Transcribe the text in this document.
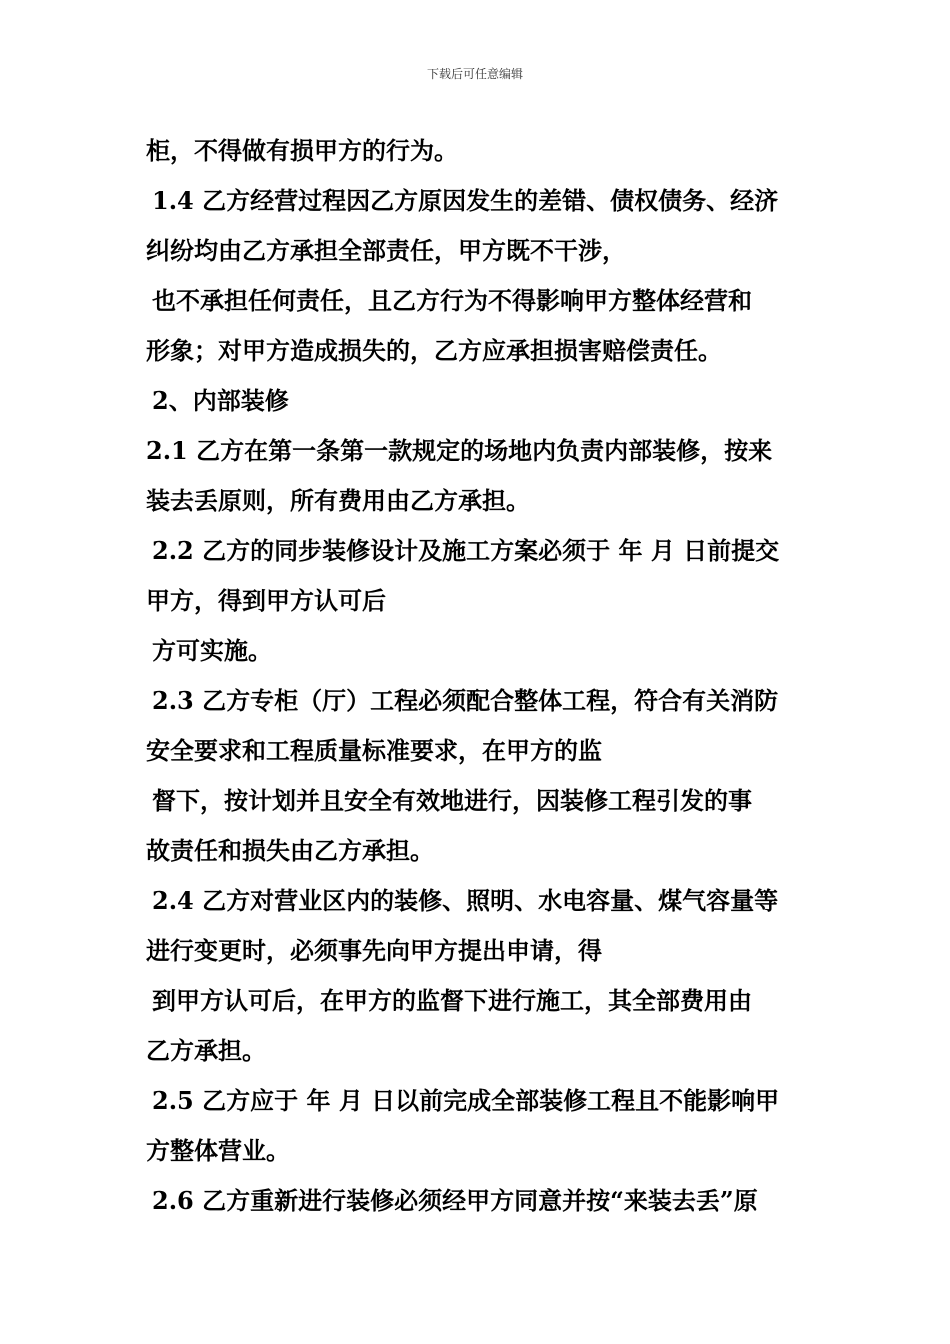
下载后可任意编辑
柜，不得做有损甲方的行为。
1.4 乙方经营过程因乙方原因发生的差错、债权债务、经济
纠纷均由乙方承担全部责任，甲方既不干涉，
也不承担任何责任，且乙方行为不得影响甲方整体经营和
形象；对甲方造成损失的，乙方应承担损害赔偿责任。
2、内部装修
2.1 乙方在第一条第一款规定的场地内负责内部装修，按来
装去丢原则，所有费用由乙方承担。
2.2 乙方的同步装修设计及施工方案必须于 年 月 日前提交
甲方，得到甲方认可后
方可实施。
2.3 乙方专柜（厅）工程必须配合整体工程，符合有关消防
安全要求和工程质量标准要求，在甲方的监
督下，按计划并且安全有效地进行，因装修工程引发的事
故责任和损失由乙方承担。
2.4 乙方对营业区内的装修、照明、水电容量、煤气容量等
进行变更时，必须事先向甲方提出申请，得
到甲方认可后，在甲方的监督下进行施工，其全部费用由
乙方承担。
2.5 乙方应于 年 月 日以前完成全部装修工程且不能影响甲
方整体营业。
2.6 乙方重新进行装修必须经甲方同意并按“来装去丢”原
